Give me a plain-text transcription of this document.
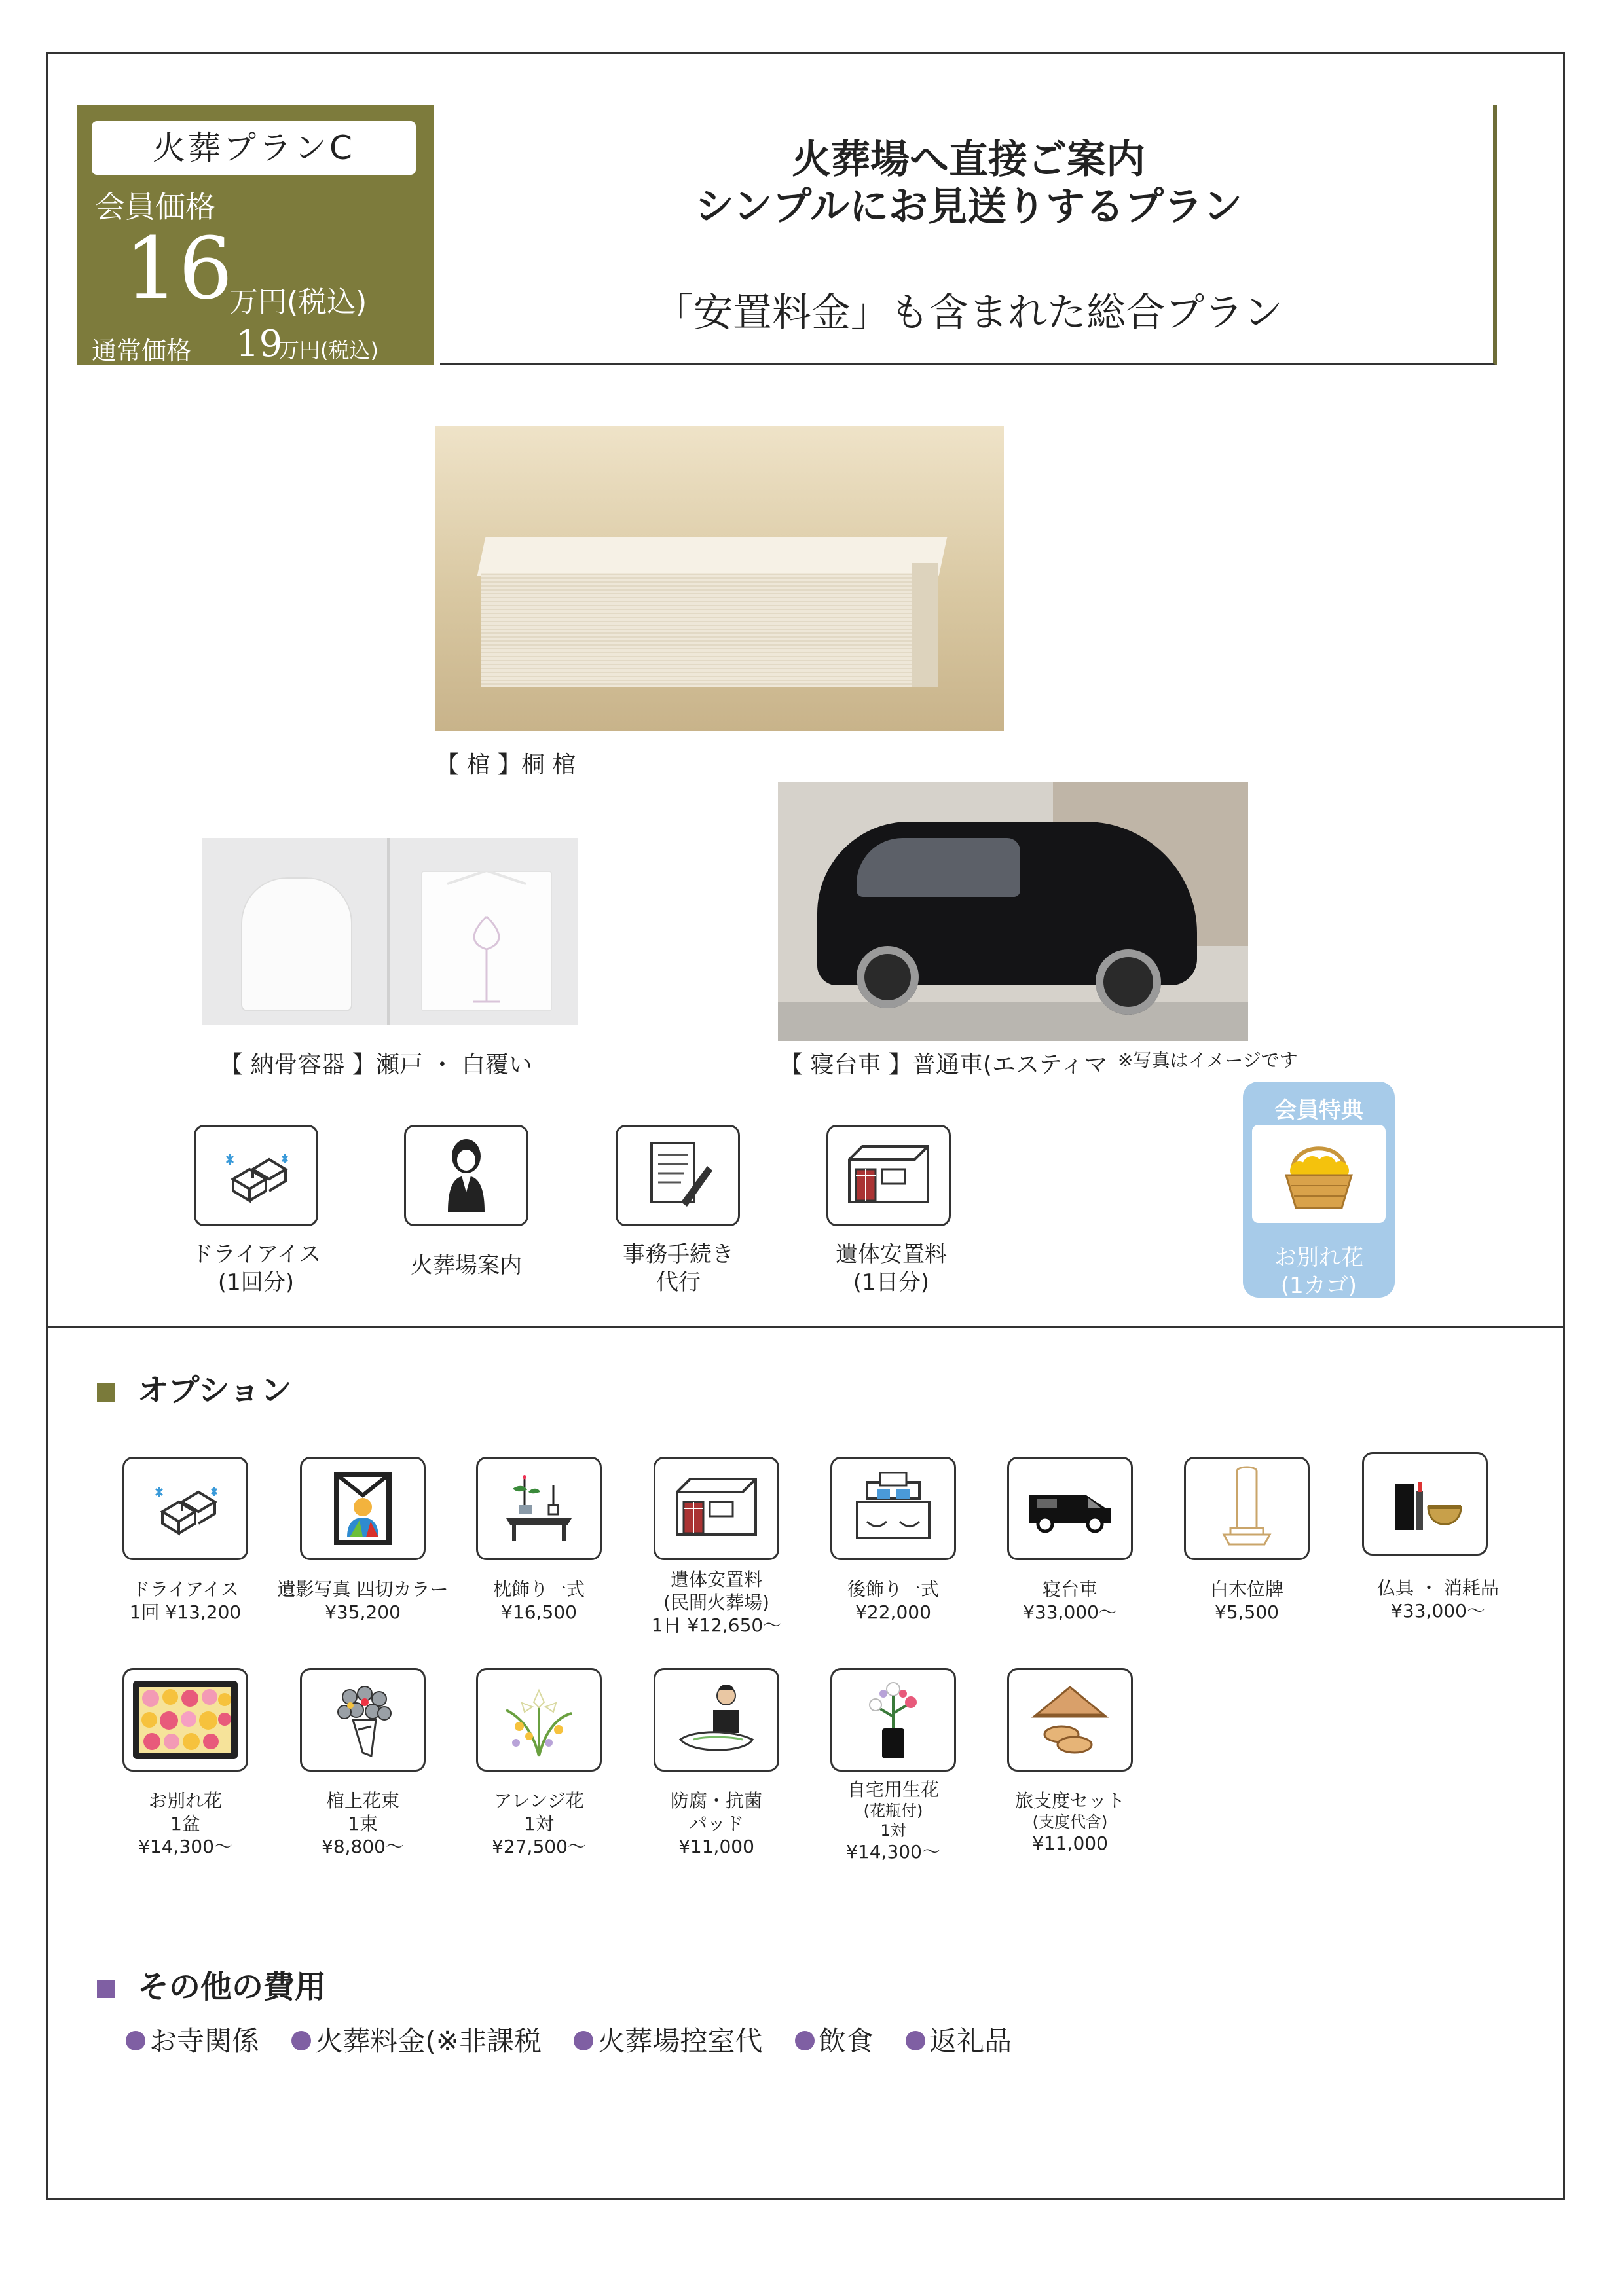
火葬プランC
会員価格
16
万円(税込)
通常価格 19
万円(税込)
火葬場へ直接ご案内
シンプルにお見送りするプラン
「安置料金」も含まれた総合プラン
【 棺 】桐 棺
【 納骨容器 】瀬戸 ・ 白覆い	【 寝台車 】普通車(エスティマ ※写真はイメージです
ドライアイス
(1回分)
火葬場案内	事務手続き
代行
遺体安置料
(1日分)
会員特典
お別れ花
(1カゴ)
オプション
ドライアイス
1回 ¥13,200
遺影写真 四切カラー
¥35,200
枕飾り一式
¥16,500
遺体安置料
(民間火葬場)
1日 ¥12,650〜
後飾り一式
¥22,000
寝台車
¥33,000〜
白木位牌
¥5,500
仏具 ・ 消耗品
¥33,000〜
お別れ花
1盆
¥14,300〜
棺上花束
1束
¥8,800〜
アレンジ花
1対
¥27,500〜
防腐・抗菌
パッド
¥11,000
自宅用生花
(花瓶付)
1対
¥14,300〜
旅支度セット
(支度代含)
¥11,000
その他の費用
お寺関係 火葬料金(※非課税 火葬場控室代 飲食 返礼品
